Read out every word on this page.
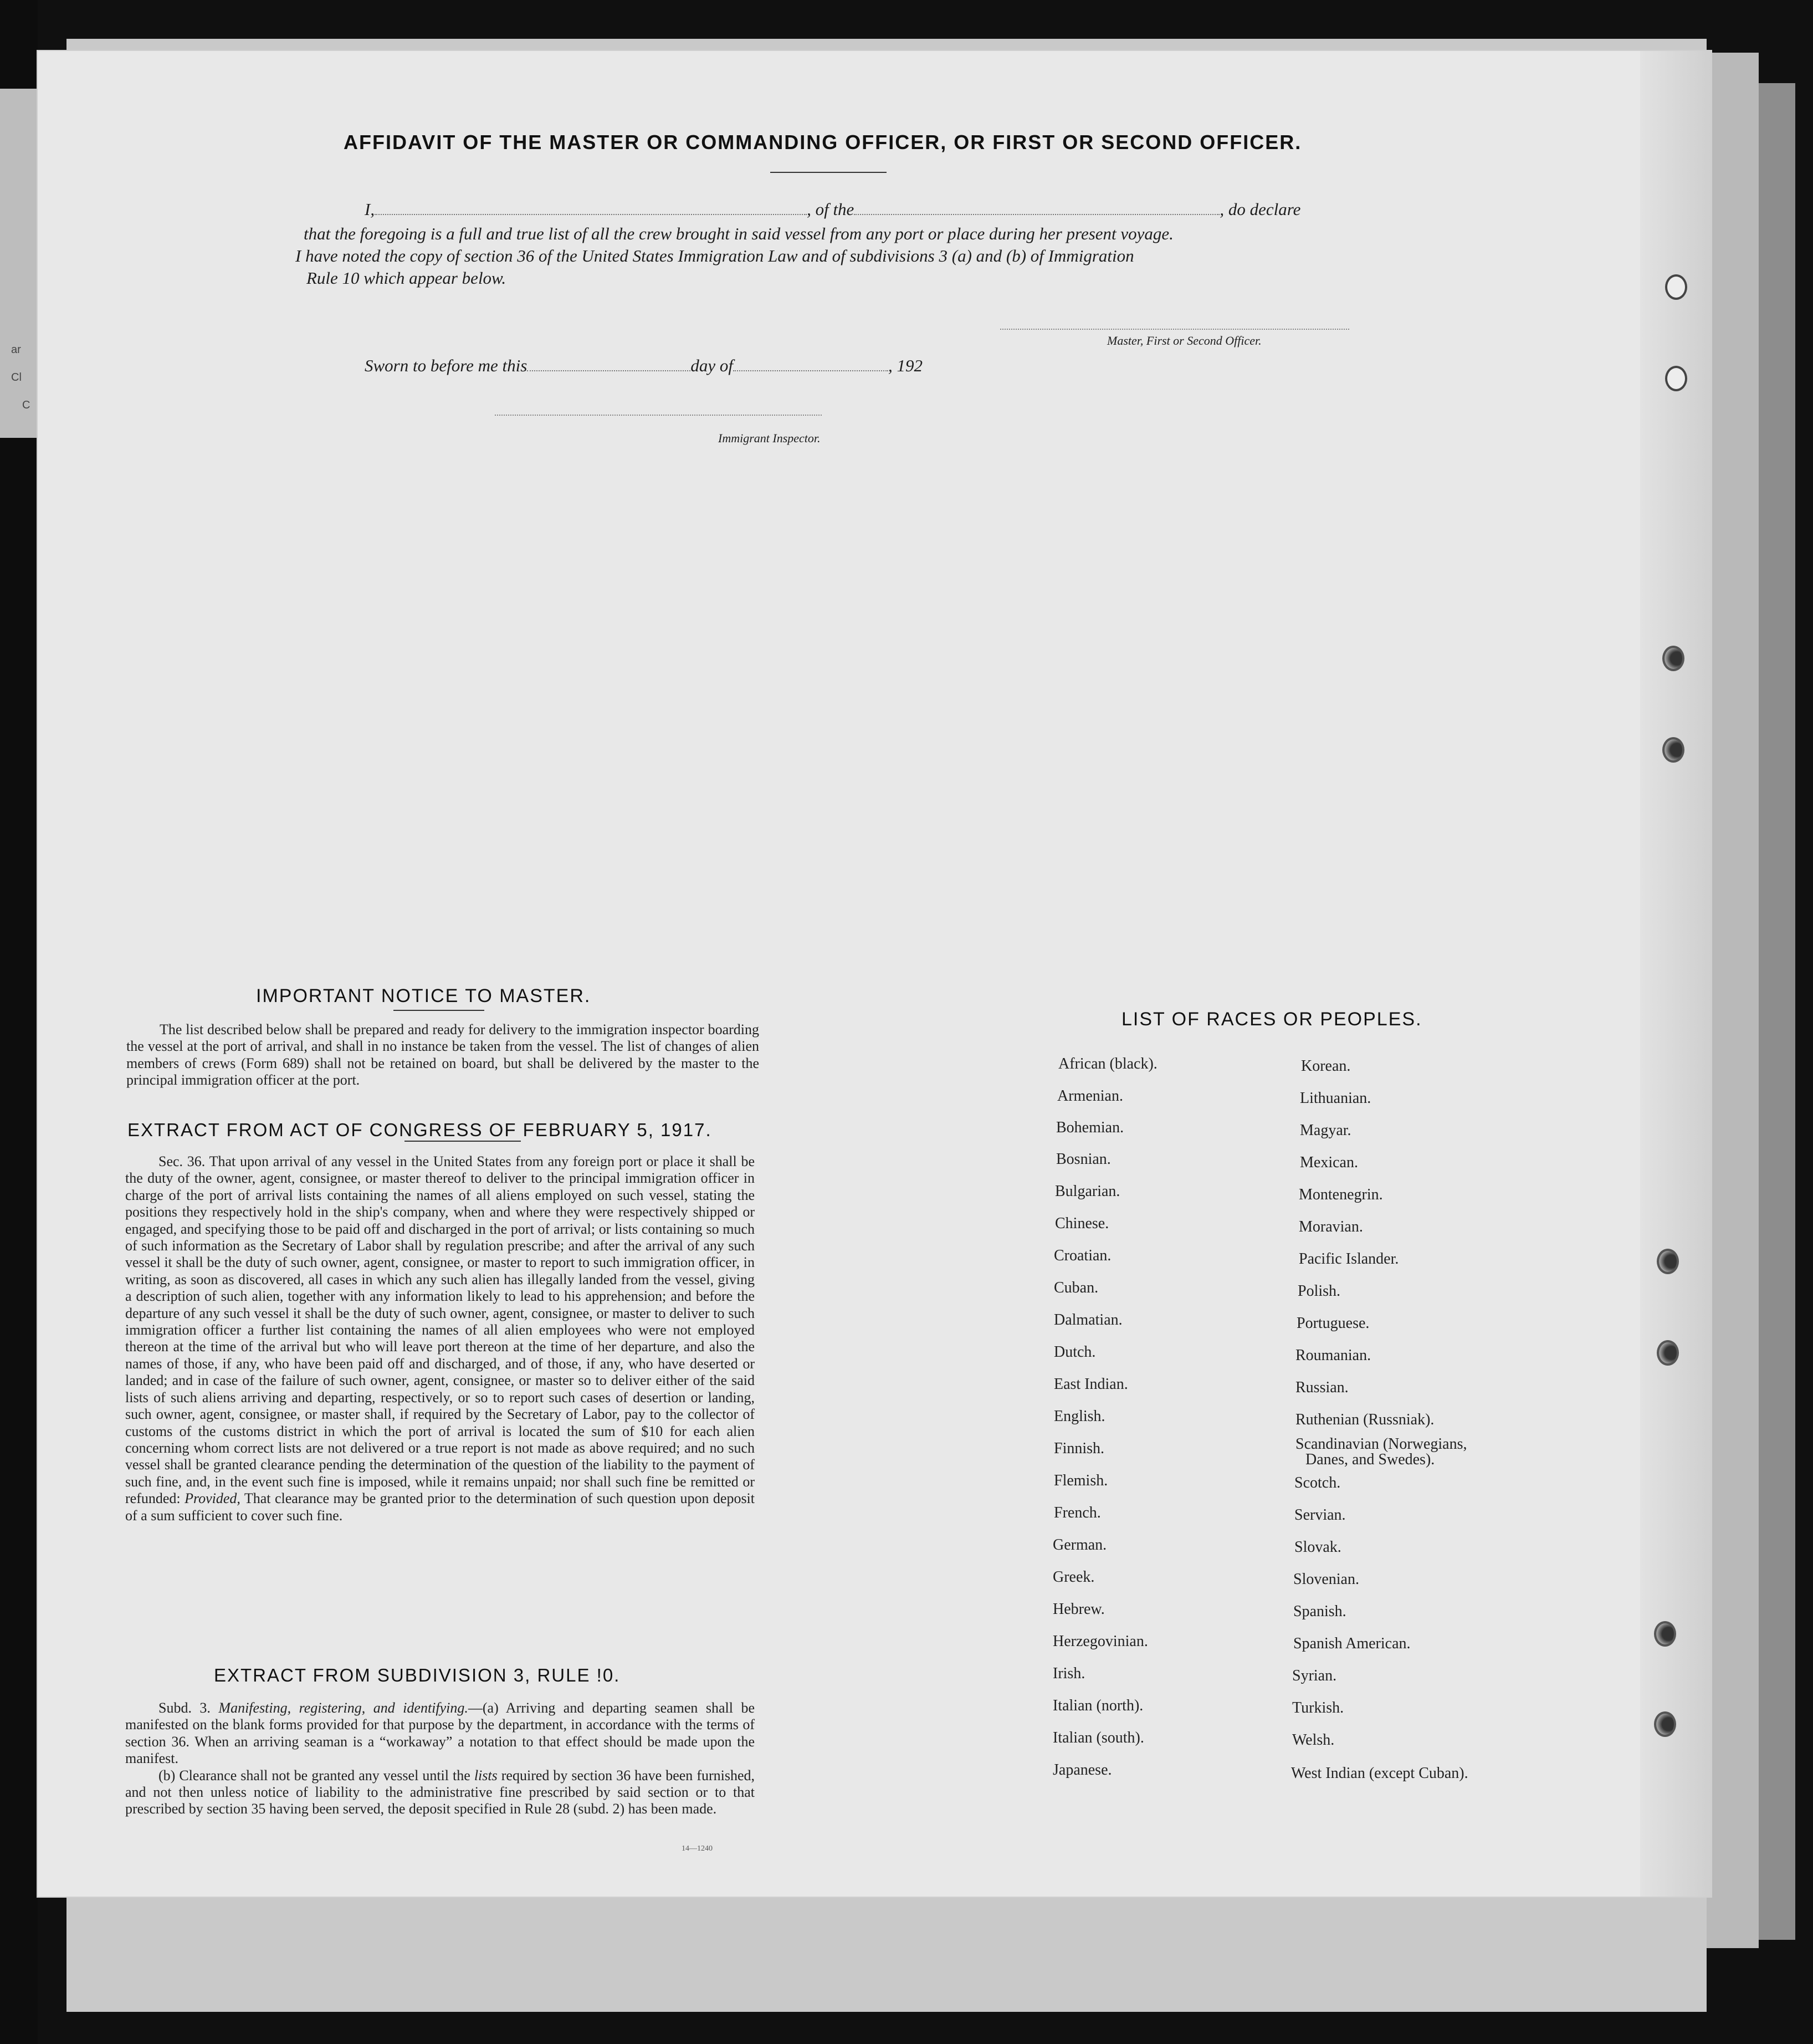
ar
Cl
C
AFFIDAVIT OF THE MASTER OR COMMANDING OFFICER, OR FIRST OR SECOND OFFICER.
I,	, of the	, do declare
that the foregoing is a full and true list of all the crew brought in said vessel from any port or place during her present voyage.
I have noted the copy of section 36 of the United States Immigration Law and of subdivisions 3 (a) and (b) of Immigration
Rule 10 which appear below.
Master, First or Second Officer.
Sworn to before me this	day of	, 192
Immigrant Inspector.
IMPORTANT NOTICE TO MASTER.

The list described below shall be prepared and ready for delivery to the immigration inspector boarding the vessel at the port of arrival, and shall in no instance be taken from the vessel. The list of changes of alien members of crews (Form 689) shall not be retained on board, but shall be delivered by the master to the principal immigration officer at the port.

EXTRACT FROM ACT OF CONGRESS OF FEBRUARY 5, 1917.

Sec. 36. That upon arrival of any vessel in the United States from any foreign port or place it shall be the duty of the owner, agent, consignee, or master thereof to deliver to the principal immigration officer in charge of the port of arrival lists containing the names of all aliens employed on such vessel, stating the positions they respectively hold in the ship's company, when and where they were respectively shipped or engaged, and specifying those to be paid off and discharged in the port of arrival; or lists containing so much of such information as the Secretary of Labor shall by regulation prescribe; and after the arrival of any such vessel it shall be the duty of such owner, agent, consignee, or master to report to such immigration officer, in writing, as soon as discovered, all cases in which any such alien has illegally landed from the vessel, giving a description of such alien, together with any information likely to lead to his apprehension; and before the departure of any such vessel it shall be the duty of such owner, agent, consignee, or master to deliver to such immigration officer a further list containing the names of all alien employees who were not employed thereon at the time of the arrival but who will leave port thereon at the time of her departure, and also the names of those, if any, who have been paid off and discharged, and of those, if any, who have deserted or landed; and in case of the failure of such owner, agent, consignee, or master so to deliver either of the said lists of such aliens arriving and departing, respectively, or so to report such cases of desertion or landing, such owner, agent, consignee, or master shall, if required by the Secretary of Labor, pay to the collector of customs of the customs district in which the port of arrival is located the sum of $10 for each alien concerning whom correct lists are not delivered or a true report is not made as above required; and no such vessel shall be granted clearance pending the determination of the question of the liability to the payment of such fine, and, in the event such fine is imposed, while it remains unpaid; nor shall such fine be remitted or refunded: Provided, That clearance may be granted prior to the determination of such question upon deposit of a sum sufficient to cover such fine.

EXTRACT FROM SUBDIVISION 3, RULE !0.

Subd. 3. Manifesting, registering, and identifying.—(a) Arriving and departing seamen shall be manifested on the blank forms provided for that purpose by the department, in accordance with the terms of section 36. When an arriving seaman is a “workaway” a notation to that effect should be made upon the manifest.

(b) Clearance shall not be granted any vessel until the lists required by section 36 have been furnished, and not then unless notice of liability to the administrative fine prescribed by said section or to that prescribed by section 35 having been served, the deposit specified in Rule 28 (subd. 2) has been made.

14—1240
LIST OF RACES OR PEOPLES.
African (black).
Armenian.
Bohemian.
Bosnian.
Bulgarian.
Chinese.
Croatian.
Cuban.
Dalmatian.
Dutch.
East Indian.
English.
Finnish.
Flemish.
French.
German.
Greek.
Hebrew.
Herzegovinian.
Irish.
Italian (north).
Italian (south).
Japanese.
Korean.
Lithuanian.
Magyar.
Mexican.
Montenegrin.
Moravian.
Pacific Islander.
Polish.
Portuguese.
Roumanian.
Russian.
Ruthenian (Russniak).
Scandinavian (Norwegians,
Danes, and Swedes).
Scotch.
Servian.
Slovak.
Slovenian.
Spanish.
Spanish American.
Syrian.
Turkish.
Welsh.
West Indian (except Cuban).
